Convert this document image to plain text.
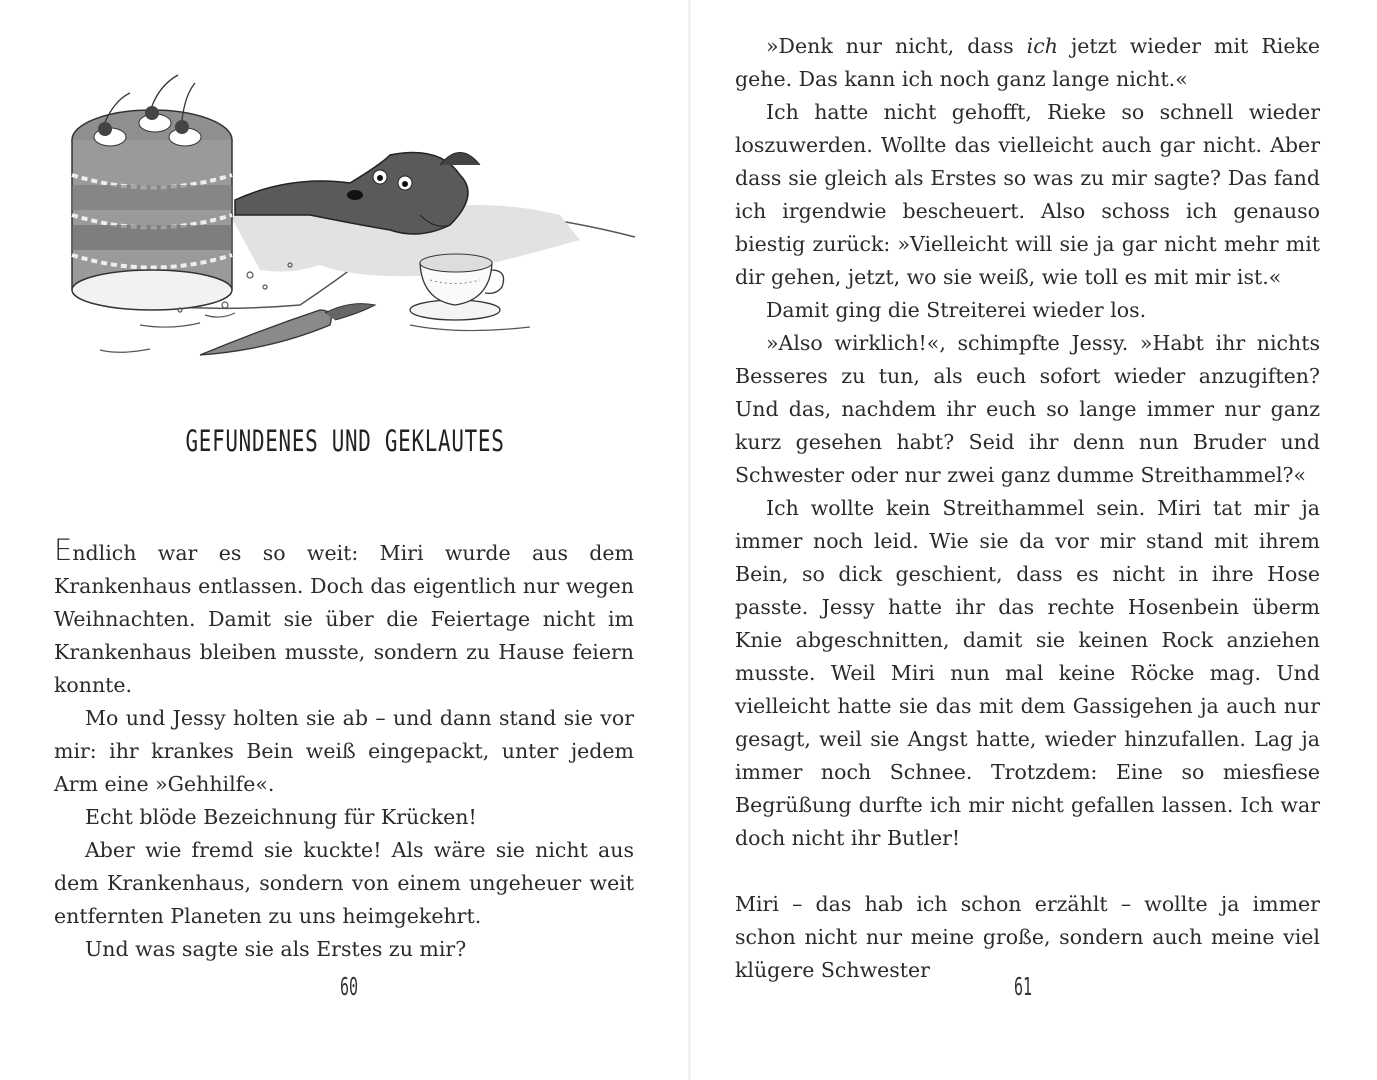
GEFUNDENES UND GEKLAUTES

Endlich war es so weit: Miri wurde aus dem Krankenhaus entlassen. Doch das eigentlich nur wegen Weihnachten. Damit sie über die Feiertage nicht im Krankenhaus bleiben musste, sondern zu Hause feiern konnte.

Mo und Jessy holten sie ab – und dann stand sie vor mir: ihr krankes Bein weiß eingepackt, unter jedem Arm eine »Gehhilfe«.

Echt blöde Bezeichnung für Krücken!

Aber wie fremd sie kuckte! Als wäre sie nicht aus dem Krankenhaus, sondern von einem ungeheuer weit entfernten Planeten zu uns heimgekehrt.

Und was sagte sie als Erstes zu mir?

60

»Denk nur nicht, dass ich jetzt wieder mit Rieke gehe. Das kann ich noch ganz lange nicht.«

Ich hatte nicht gehofft, Rieke so schnell wieder loszuwerden. Wollte das vielleicht auch gar nicht. Aber dass sie gleich als Erstes so was zu mir sagte? Das fand ich irgendwie bescheuert. Also schoss ich genauso biestig zurück: »Vielleicht will sie ja gar nicht mehr mit dir gehen, jetzt, wo sie weiß, wie toll es mit mir ist.«

Damit ging die Streiterei wieder los.

»Also wirklich!«, schimpfte Jessy. »Habt ihr nichts Besseres zu tun, als euch sofort wieder anzugiften? Und das, nachdem ihr euch so lange immer nur ganz kurz gesehen habt? Seid ihr denn nun Bruder und Schwester oder nur zwei ganz dumme Streithammel?«

Ich wollte kein Streithammel sein. Miri tat mir ja immer noch leid. Wie sie da vor mir stand mit ihrem Bein, so dick geschient, dass es nicht in ihre Hose passte. Jessy hatte ihr das rechte Hosenbein überm Knie abgeschnitten, damit sie keinen Rock anziehen musste. Weil Miri nun mal keine Röcke mag. Und vielleicht hatte sie das mit dem Gassigehen ja auch nur gesagt, weil sie Angst hatte, wieder hinzufallen. Lag ja immer noch Schnee. Trotzdem: Eine so miesfiese Begrüßung durfte ich mir nicht gefallen lassen. Ich war doch nicht ihr Butler!

Miri – das hab ich schon erzählt – wollte ja immer schon nicht nur meine große, sondern auch meine viel klügere Schwester

61
